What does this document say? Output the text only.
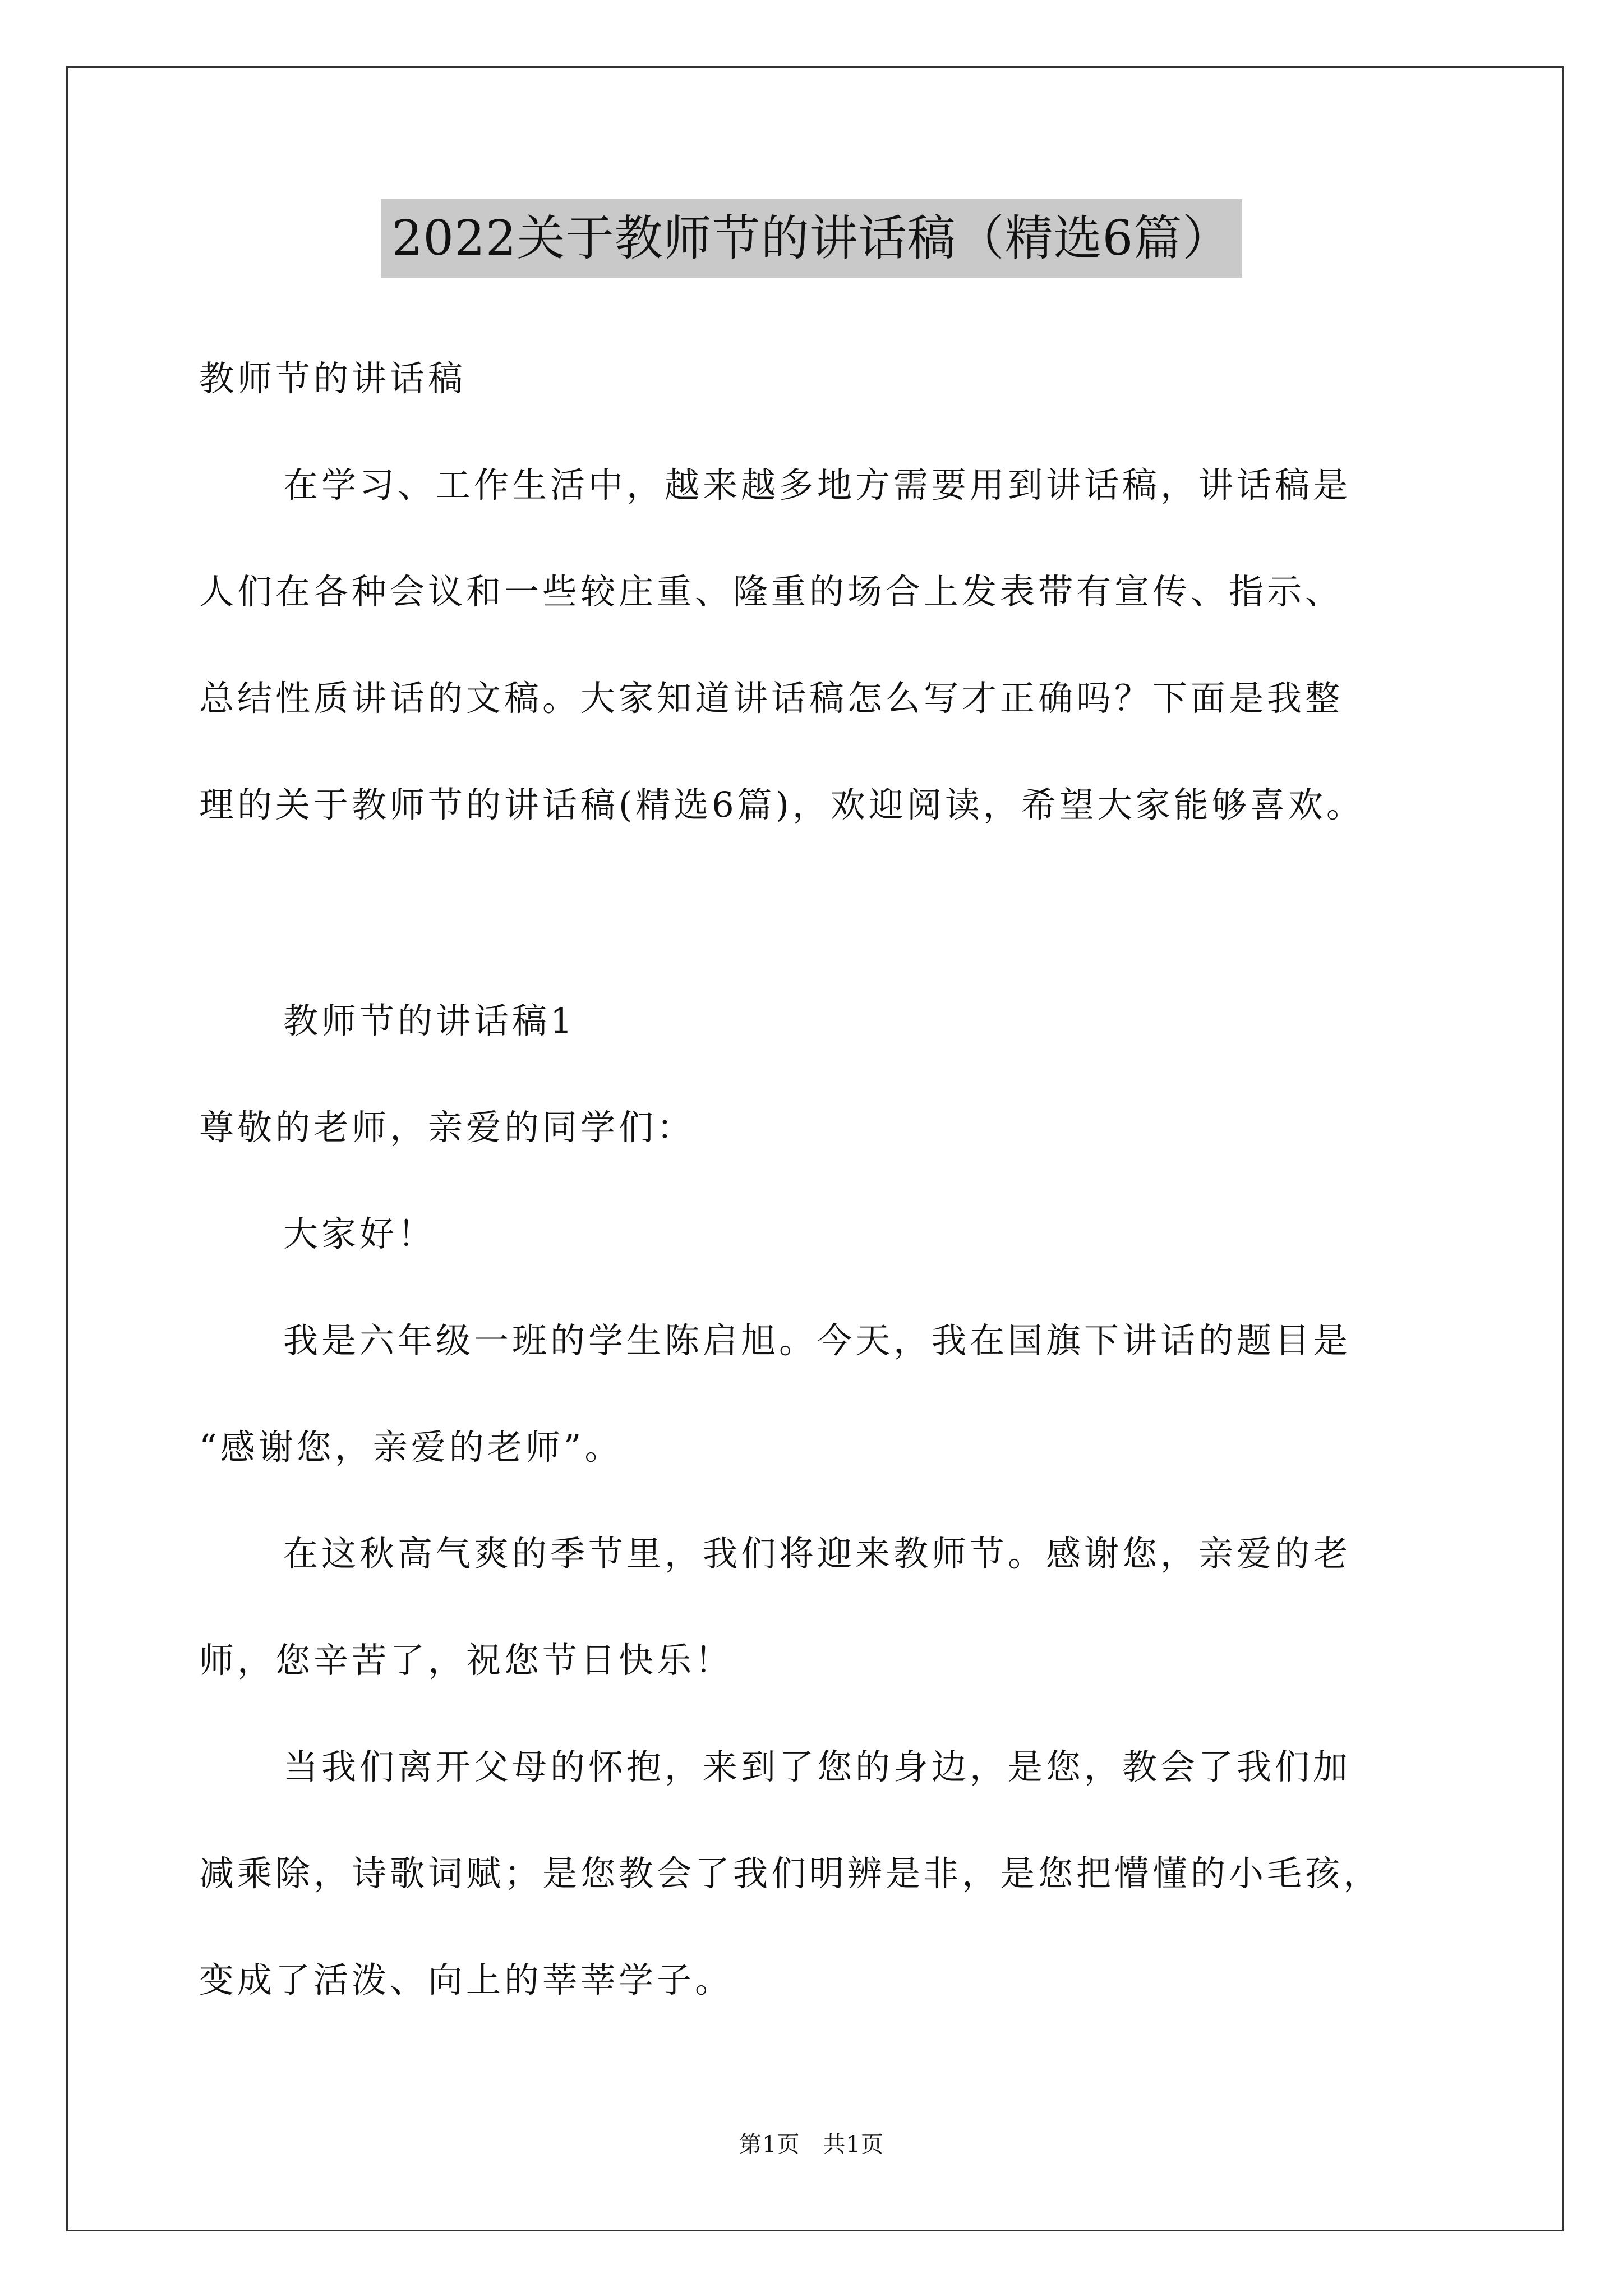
2022关于教师节的讲话稿（精选6篇）
教师节的讲话稿
在学习、工作生活中，越来越多地方需要用到讲话稿，讲话稿是
人们在各种会议和一些较庄重、隆重的场合上发表带有宣传、指示、
总结性质讲话的文稿。大家知道讲话稿怎么写才正确吗？下面是我整
理的关于教师节的讲话稿(精选6篇)，欢迎阅读，希望大家能够喜欢。
教师节的讲话稿1
尊敬的老师，亲爱的同学们：
大家好！
我是六年级一班的学生陈启旭。今天，我在国旗下讲话的题目是
“感谢您，亲爱的老师”。
在这秋高气爽的季节里，我们将迎来教师节。感谢您，亲爱的老
师，您辛苦了，祝您节日快乐！
当我们离开父母的怀抱，来到了您的身边，是您，教会了我们加
减乘除，诗歌词赋；是您教会了我们明辨是非，是您把懵懂的小毛孩，
变成了活泼、向上的莘莘学子。
第1页　共1页
